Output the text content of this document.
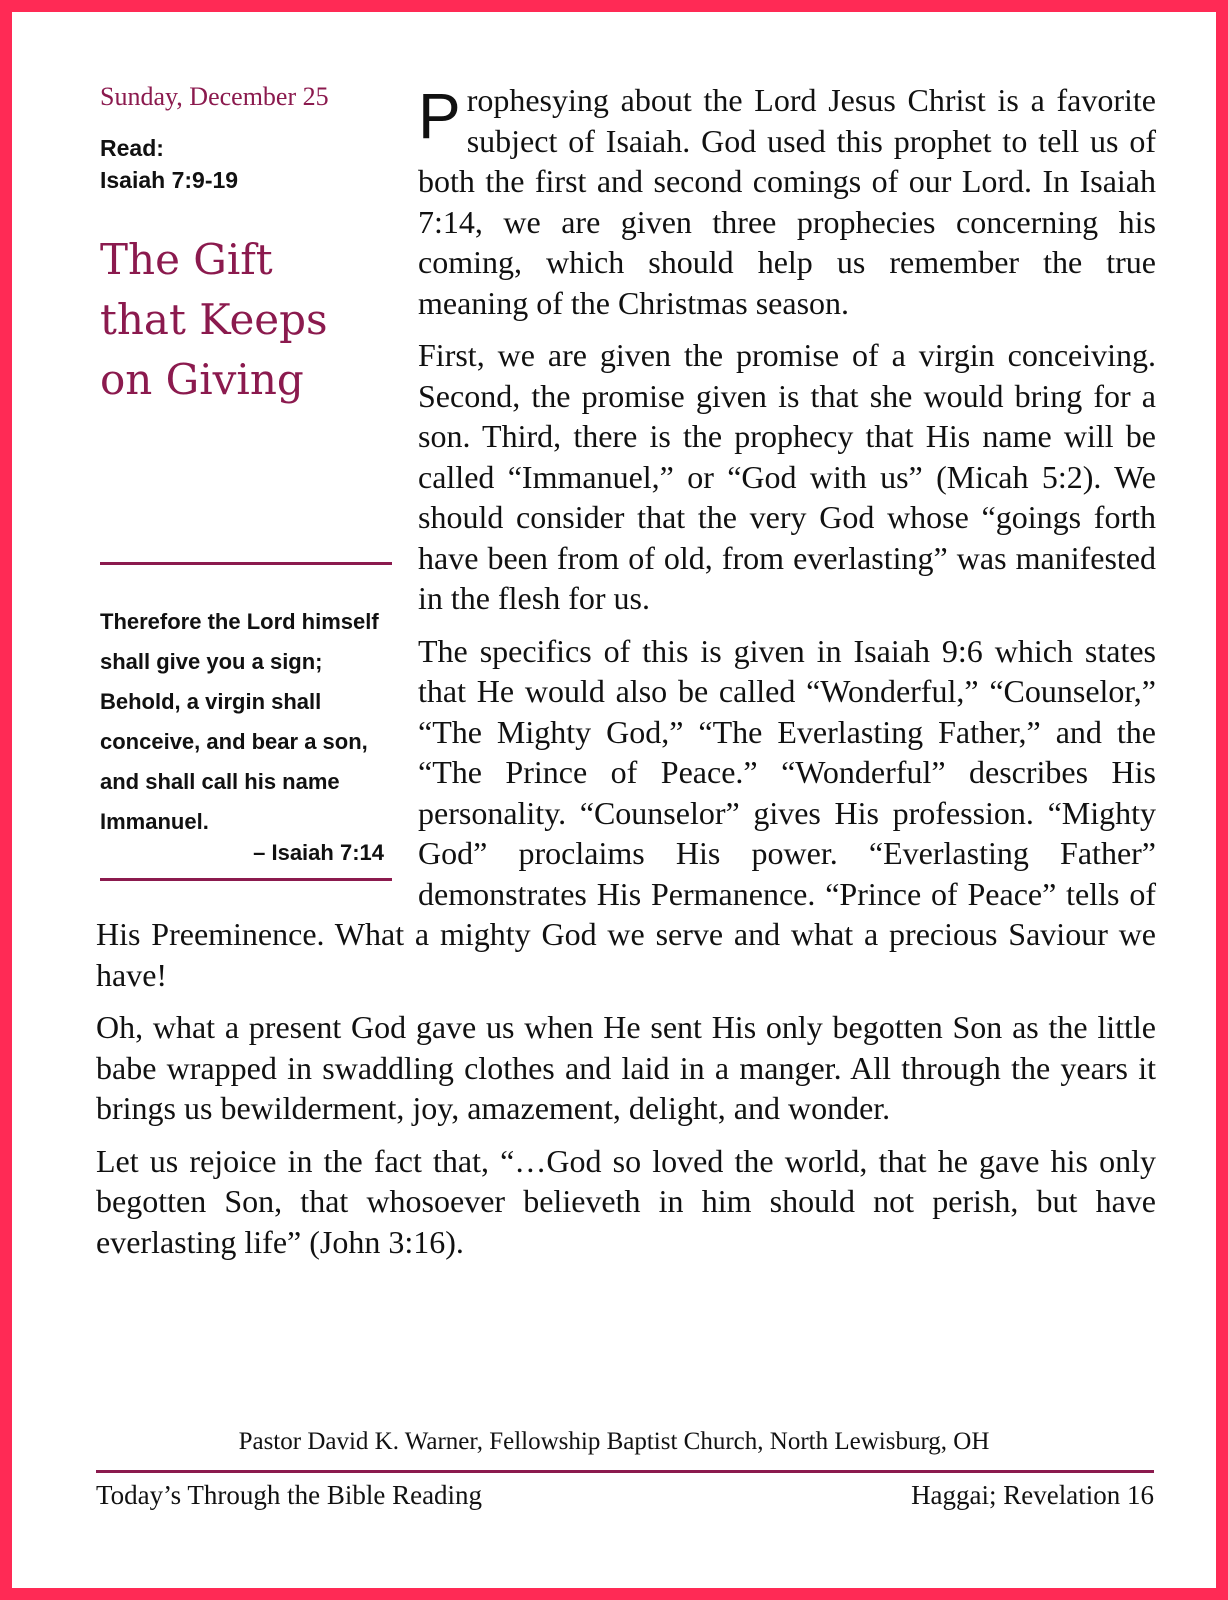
Sunday, December 25

Read:

Isaiah 7:9-19

The Gift
that Keeps
on Giving

Therefore the Lord himself shall give you a sign; Behold, a virgin shall conceive, and bear a son, and shall call his name Immanuel.

– Isaiah 7:14

Prophesying about the Lord Jesus Christ is a favorite subject of Isaiah. God used this prophet to tell us of both the first and second comings of our Lord. In Isaiah 7:14, we are given three prophecies concerning his coming, which should help us remember the true meaning of the Christmas season.

First, we are given the promise of a virgin conceiving. Second, the promise given is that she would bring for a son. Third, there is the prophecy that His name will be called “Immanuel,” or “God with us” (Micah 5:2). We should consider that the very God whose “goings forth have been from of old, from everlasting” was manifested in the flesh for us.

The specifics of this is given in Isaiah 9:6 which states that He would also be called “Wonderful,” “Counselor,” “The Mighty God,” “The Everlasting Father,” and the “The Prince of Peace.” “Wonderful” describes His personality. “Counselor” gives His profession. “Mighty God” proclaims His power. “Everlasting Father” demonstrates His Permanence. “Prince of Peace” tells of His Preeminence. What a mighty God we serve and what a precious Saviour we have!

Oh, what a present God gave us when He sent His only begotten Son as the little babe wrapped in swaddling clothes and laid in a manger. All through the years it brings us bewilderment, joy, amazement, delight, and wonder.

Let us rejoice in the fact that, “…God so loved the world, that he gave his only begotten Son, that whosoever believeth in him should not perish, but have everlasting life” (John 3:16).

Pastor David K. Warner, Fellowship Baptist Church, North Lewisburg, OH

Today’s Through the Bible Reading	Haggai; Revelation 16
